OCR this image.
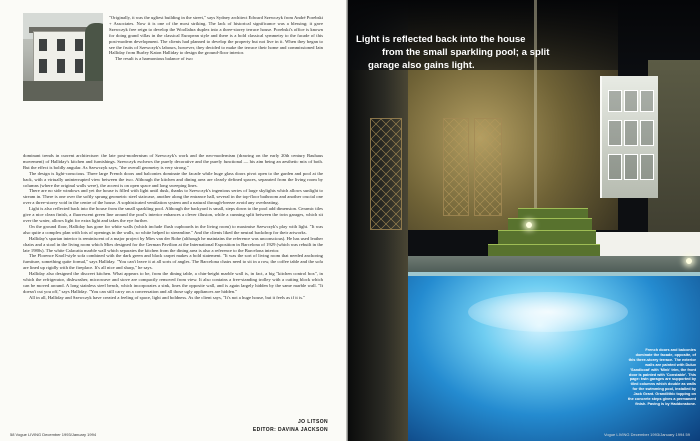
"Originally, it was the ugliest building in the street," says Sydney architect Edward Szewczyk from André Porebski + Associates. Now it is one of the most striking. The lack of historical significance was a blessing; it gave Szewczyk free reign to develop the Woollahra duplex into a three-storey terrace house. Porebski's office is known for doing grand villas in the classical European style and there is a bold classical symmetry to the facade of this post-modern development. The clients had planned to develop the property but not live in it. When they began to see the fruits of Szewczyk's labours, however, they decided to make the terrace their home and commissioned Iain Halliday from Burley Katon Halliday to design the ground-floor interior.

The result is a harmonious balance of two

dominant trends in current architecture: the late post-modernism of Szewczyk's work and the neo-modernism (drawing on the early 20th century Bauhaus movement) of Halliday's kitchen and furnishings. Szewczyk eschews the purely decorative and the purely functional — his aim being an aesthetic mix of both. But the effect is boldly angular. As Szewczyk says, "the overall geometry is very strong."

The design is light-conscious. Three large French doors and balconies dominate the facade while huge glass doors pivot open to the garden and pool at the back, with a virtually uninterrupted view between the two. Although the kitchen and dining area are clearly defined spaces, separated from the living room by columns (where the original walls were), the accent is on open space and long sweeping lines.

There are no side windows and yet the house is filled with light until dusk, thanks to Szewczyk's ingenious series of large skylights which allows sunlight to stream in. There is one over the softly sprung geometric steel staircase, another along the entrance hall, several in the top-floor bathroom and another crucial one over a three-storey void in the centre of the house. A sophisticated ventilation system and a natural through-breeze avoid any overheating.

Light is also reflected back into the house from the small sparkling pool. Although the backyard is small, steps down to the pool add dimension. Ceramic tiles give a nice clean finish, a fluorescent green line around the pool's interior enhances a clever illusion, while a cunning split between the twin garages, which sit over the water, allows light for extra light and takes the eye further.

On the ground floor, Halliday has gone for white walls (which include flush cupboards in the living room) to maximise Szewczyk's play with light. "It was also quite a complex plan with lots of openings in the walls, so white helped to streamline." And the clients liked the neutral backdrop for their artworks.

Halliday's spartan interior is reminiscent of a major project by Mies van der Rohe (although he maintains the reference was unconscious). He has used leather chairs and a stool in the living room which Mies designed for the German Pavilion at the International Exposition in Barcelona of 1929 (which was rebuilt in the late 1980s). The white Calacatta marble wall which separates the kitchen from the dining area is also a reference to the Barcelona interior.

The Florence Knoll-style sofa combined with the dark green and black carpet makes a bold statement. "It was the sort of living room that needed anchoring furniture, something quite formal," says Halliday. "You can't leave it at all sorts of angles. The Barcelona chairs need to sit in a row, the coffee table and the sofa are lined up rigidly with the fireplace. It's all nice and sharp," he says.

Halliday also designed the discreet kitchen. What appears to be, from the dining table, a chin-height marble wall is, in fact, a big "kitchen control box", in which the refrigerator, dishwasher, microwave and stove are compactly removed from view. It also contains a free-standing trolley with a cutting block which can be moved around. A long stainless steel bench, which incorporates a sink, lines the opposite wall, and is again largely hidden by the same marble wall. "It doesn't cut you off," says Halliday. "You can still carry on a conversation and all those ugly appliances are hidden."

All in all, Halliday and Szewczyk have created a feeling of space, light and boldness. As the client says, "It's not a huge house, but it feels as if it is."

JO LITSON
EDITOR: DAVINA JACKSON
58 Vogue LIVING December 1993/January 1994
Light is reflected back into the house
from the small sparkling pool; a split
garage also gains light.
French doors and balconies dominate the facade, opposite, of this three-storey terrace. The exterior walls are painted with Dulux 'Sandlcoat' with 'Mink' trim, the front door is painted with 'Constable'. This page: twin garages are supported by tiled columns which double as walls for the swimming pool, installed by Jack Grant. Grandlithic topping on the concrete steps gives a permanent finish. Paving is by Haddonstone.
Vogue LIVING December 1993/January 1994 59
